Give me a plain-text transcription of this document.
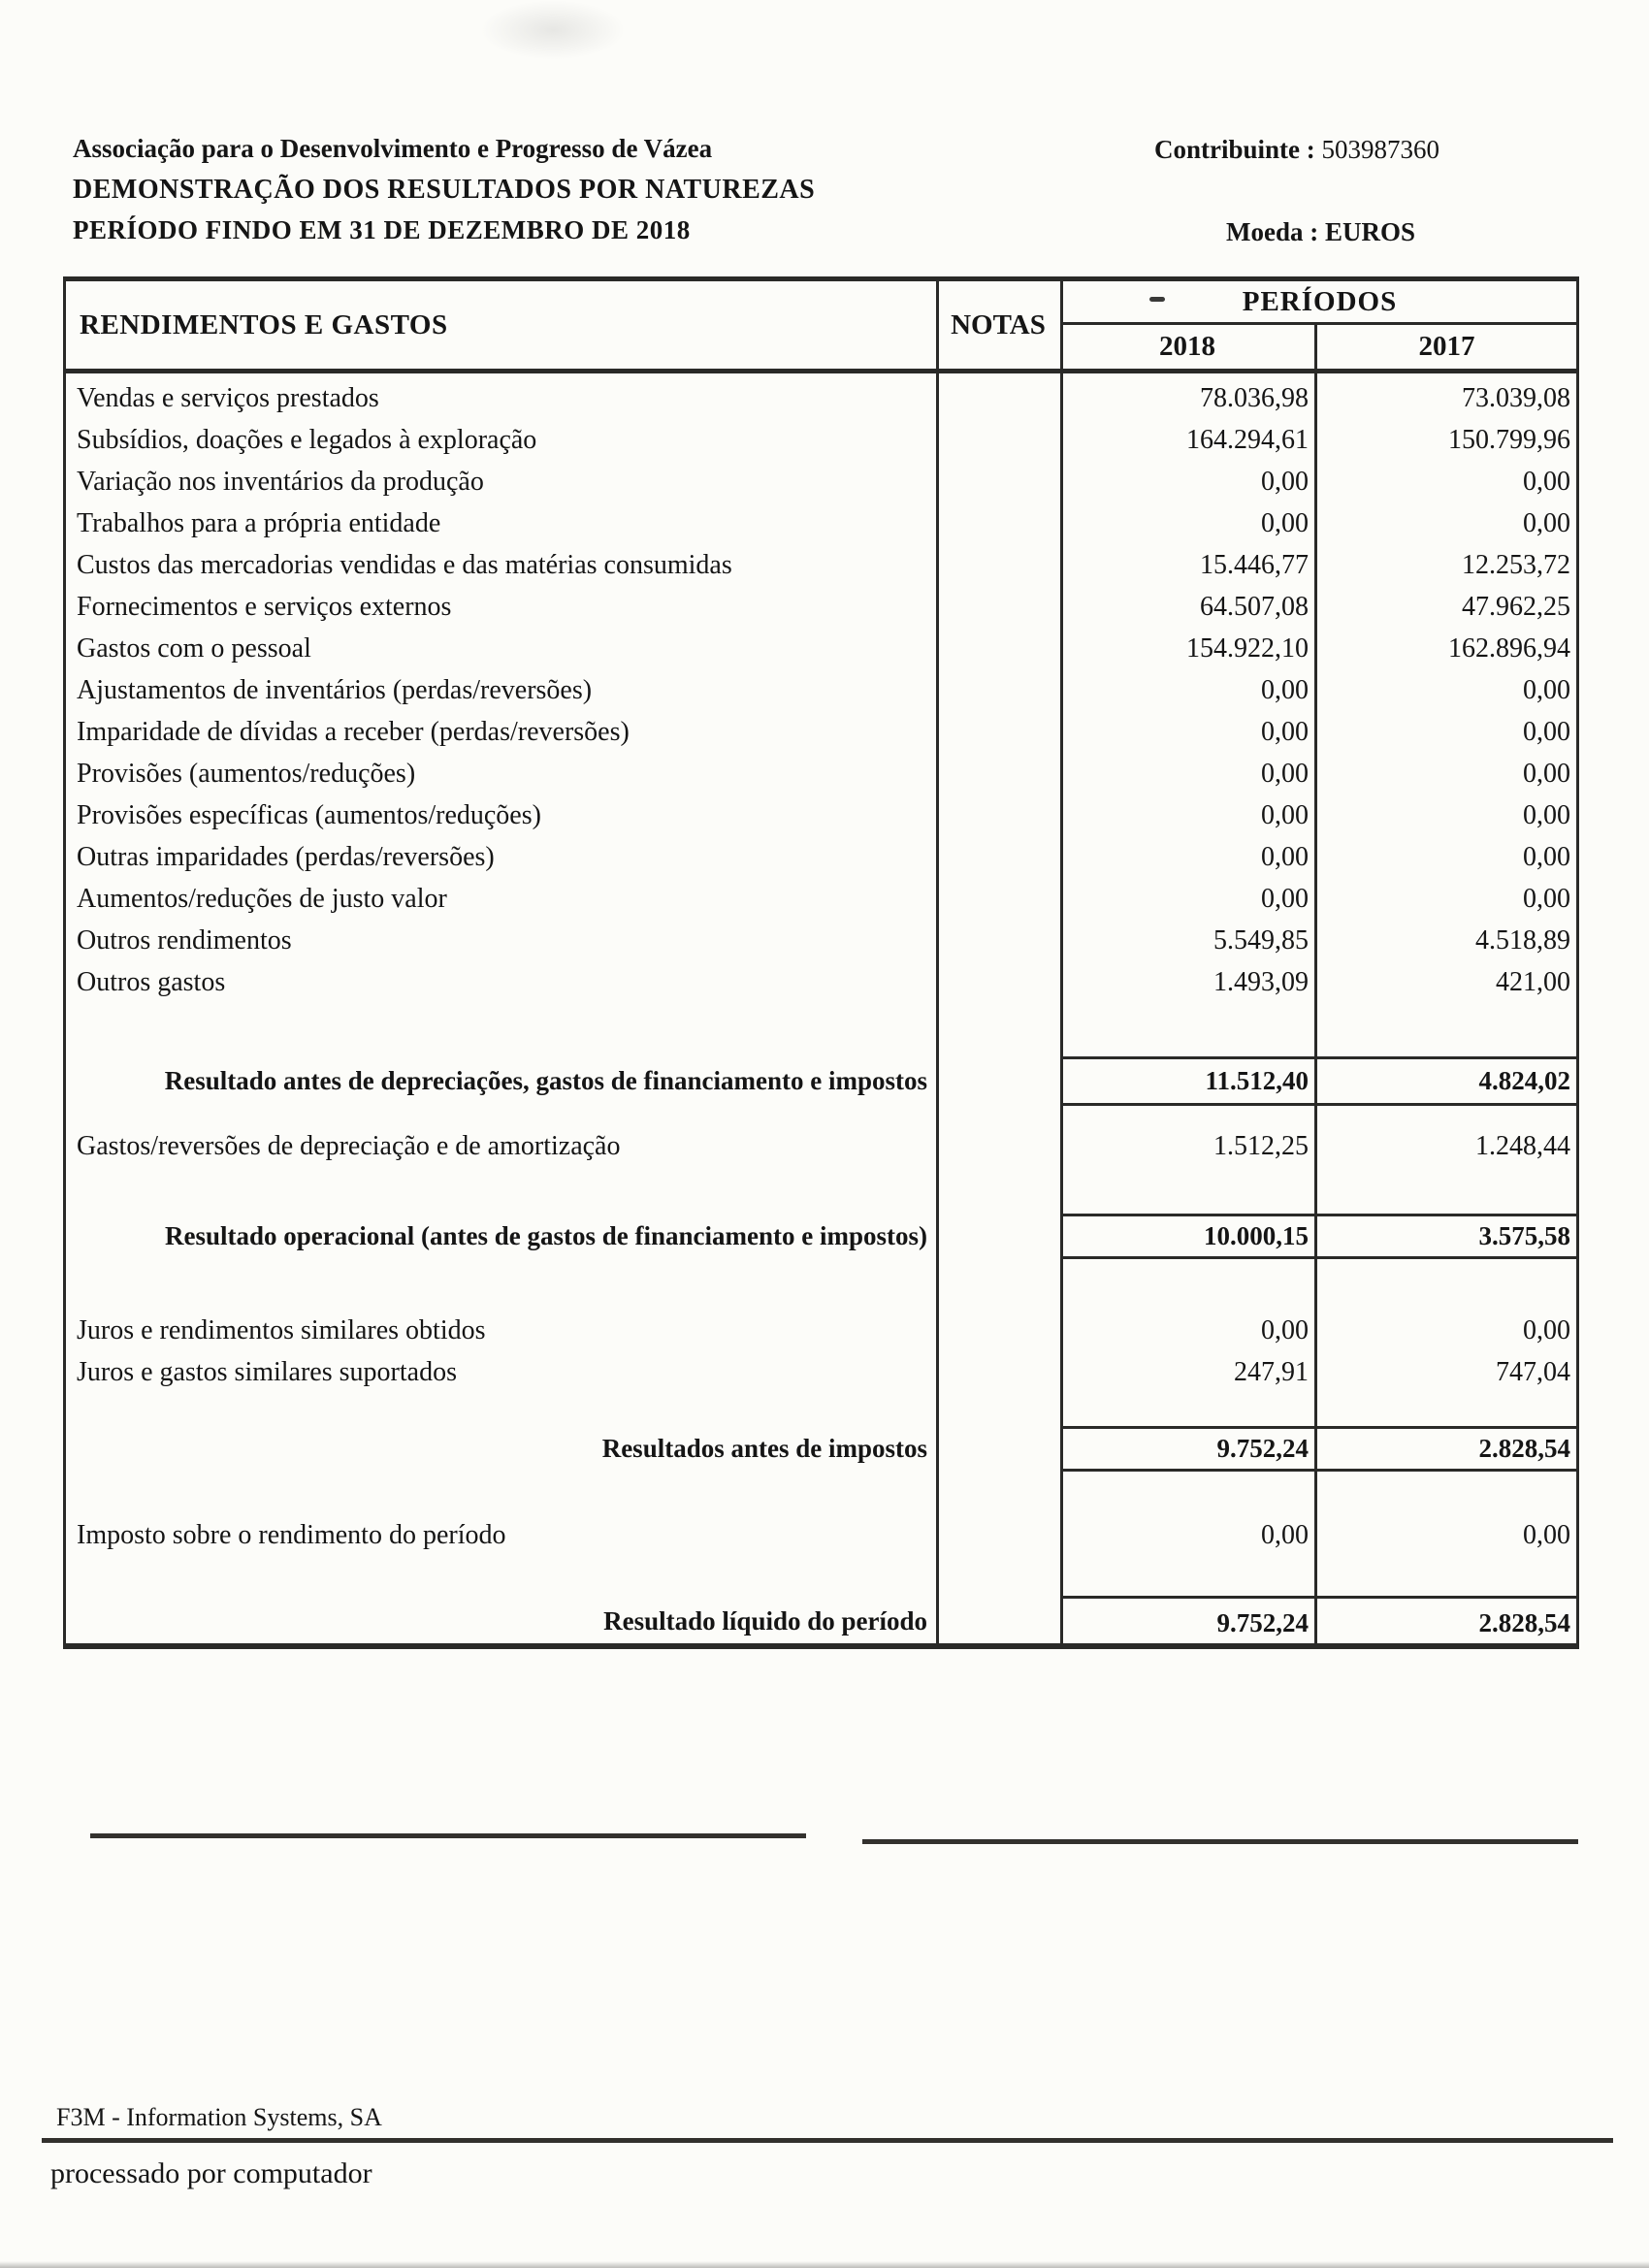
Associação para o Desenvolvimento e Progresso de Vázea
DEMONSTRAÇÃO DOS RESULTADOS POR NATUREZAS
PERÍODO FINDO EM 31 DE DEZEMBRO DE 2018
Contribuinte : 503987360
Moeda : EUROS
RENDIMENTOS E GASTOS	NOTAS
PERÍODOS
2018	2017
Vendas e serviços prestados	78.036,98	73.039,08
Subsídios, doações e legados à exploração	164.294,61	150.799,96
Variação nos inventários da produção	0,00	0,00
Trabalhos para a própria entidade	0,00	0,00
Custos das mercadorias vendidas e das matérias consumidas	15.446,77	12.253,72
Fornecimentos e serviços externos	64.507,08	47.962,25
Gastos com o pessoal	154.922,10	162.896,94
Ajustamentos de inventários (perdas/reversões)	0,00	0,00
Imparidade de dívidas a receber (perdas/reversões)	0,00	0,00
Provisões (aumentos/reduções)	0,00	0,00
Provisões específicas (aumentos/reduções)	0,00	0,00
Outras imparidades (perdas/reversões)	0,00	0,00
Aumentos/reduções de justo valor	0,00	0,00
Outros rendimentos	5.549,85	4.518,89
Outros gastos	1.493,09	421,00
Resultado antes de depreciações, gastos de financiamento e impostos	11.512,40	4.824,02
Gastos/reversões de depreciação e de amortização	1.512,25	1.248,44
Resultado operacional (antes de gastos de financiamento e impostos)	10.000,15	3.575,58
Juros e rendimentos similares obtidos	0,00	0,00
Juros e gastos similares suportados	247,91	747,04
Resultados antes de impostos	9.752,24	2.828,54
Imposto sobre o rendimento do período	0,00	0,00
Resultado líquido do período	9.752,24	2.828,54
F3M - Information Systems, SA
processado por computador
